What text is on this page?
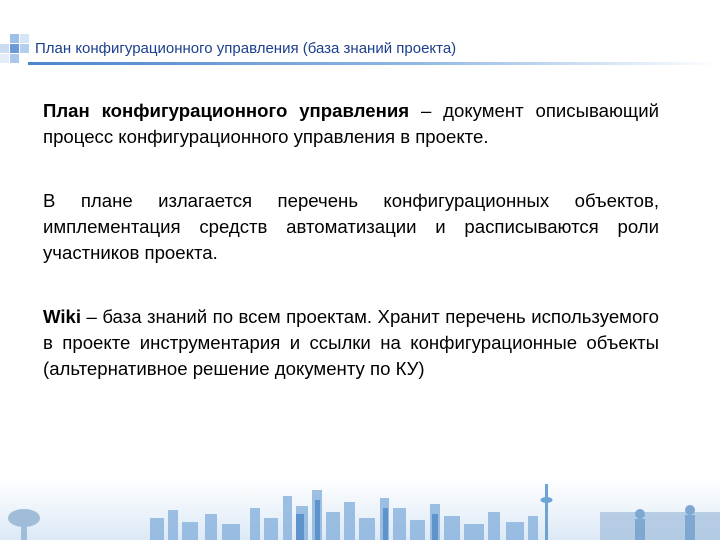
План конфигурационного управления (база знаний проекта)

План конфигурационного управления – документ описывающий процесс конфигурационного управления в проекте.

В плане излагается перечень конфигурационных объектов, имплементация средств автоматизации и расписываются роли участников проекта.

Wiki – база знаний по всем проектам. Хранит перечень используемого в проекте инструментария и ссылки на конфигурационные объекты (альтернативное решение документу по КУ)
